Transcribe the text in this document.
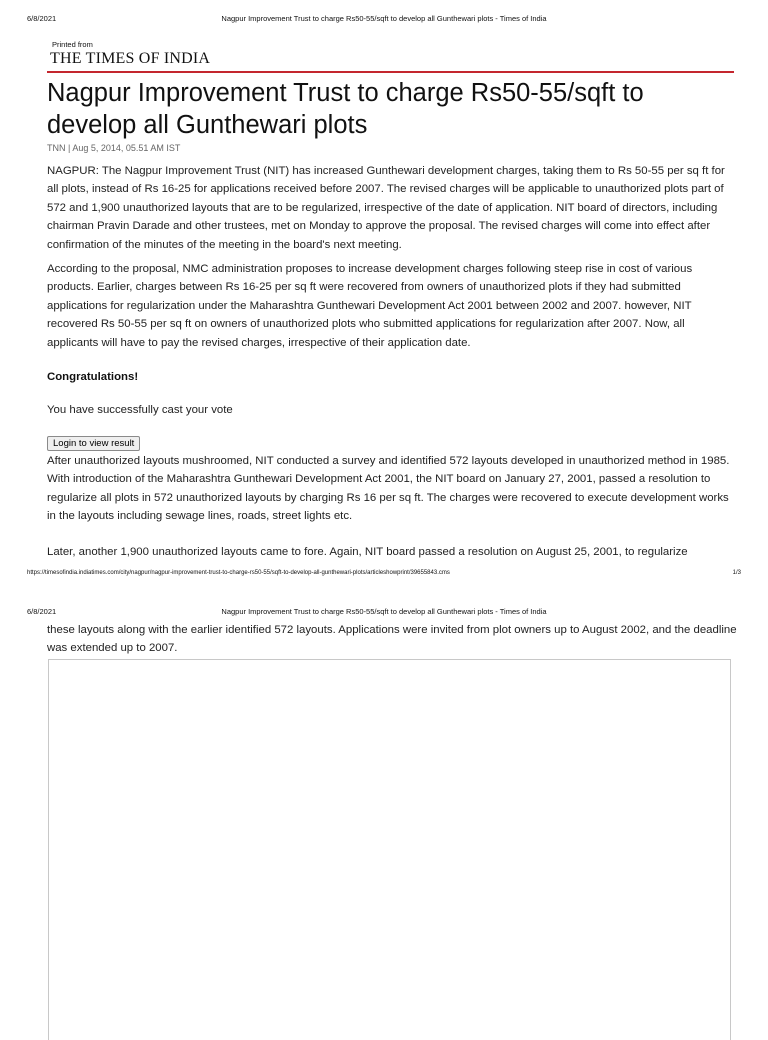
6/8/2021	Nagpur Improvement Trust to charge Rs50-55/sqft to develop all Gunthewari plots - Times of India
Printed from
THE TIMES OF INDIA
Nagpur Improvement Trust to charge Rs50-55/sqft to develop all Gunthewari plots
TNN | Aug 5, 2014, 05.51 AM IST

NAGPUR: The Nagpur Improvement Trust (NIT) has increased Gunthewari development charges, taking them to Rs 50-55 per sq ft for all plots, instead of Rs 16-25 for applications received before 2007. The revised charges will be applicable to unauthorized plots part of 572 and 1,900 unauthorized layouts that are to be regularized, irrespective of the date of application. NIT board of directors, including chairman Pravin Darade and other trustees, met on Monday to approve the proposal. The revised charges will come into effect after confirmation of the minutes of the meeting in the board's next meeting.

According to the proposal, NMC administration proposes to increase development charges following steep rise in cost of various products. Earlier, charges between Rs 16-25 per sq ft were recovered from owners of unauthorized plots if they had submitted applications for regularization under the Maharashtra Gunthewari Development Act 2001 between 2002 and 2007. however, NIT recovered Rs 50-55 per sq ft on owners of unauthorized plots who submitted applications for regularization after 2007. Now, all applicants will have to pay the revised charges, irrespective of their application date.

Congratulations!
You have successfully cast your vote
Login to view result

After unauthorized layouts mushroomed, NIT conducted a survey and identified 572 layouts developed in unauthorized method in 1985. With introduction of the Maharashtra Gunthewari Development Act 2001, the NIT board on January 27, 2001, passed a resolution to regularize all plots in 572 unauthorized layouts by charging Rs 16 per sq ft. The charges were recovered to execute development works in the layouts including sewage lines, roads, street lights etc.

Later, another 1,900 unauthorized layouts came to fore. Again, NIT board passed a resolution on August 25, 2001, to regularize

https://timesofindia.indiatimes.com/city/nagpur/nagpur-improvement-trust-to-charge-rs50-55/sqft-to-develop-all-gunthewari-plots/articleshowprint/39655843.cms	1/3
6/8/2021	Nagpur Improvement Trust to charge Rs50-55/sqft to develop all Gunthewari plots - Times of India

these layouts along with the earlier identified 572 layouts. Applications were invited from plot owners up to August 2002, and the deadline was extended up to 2007.
